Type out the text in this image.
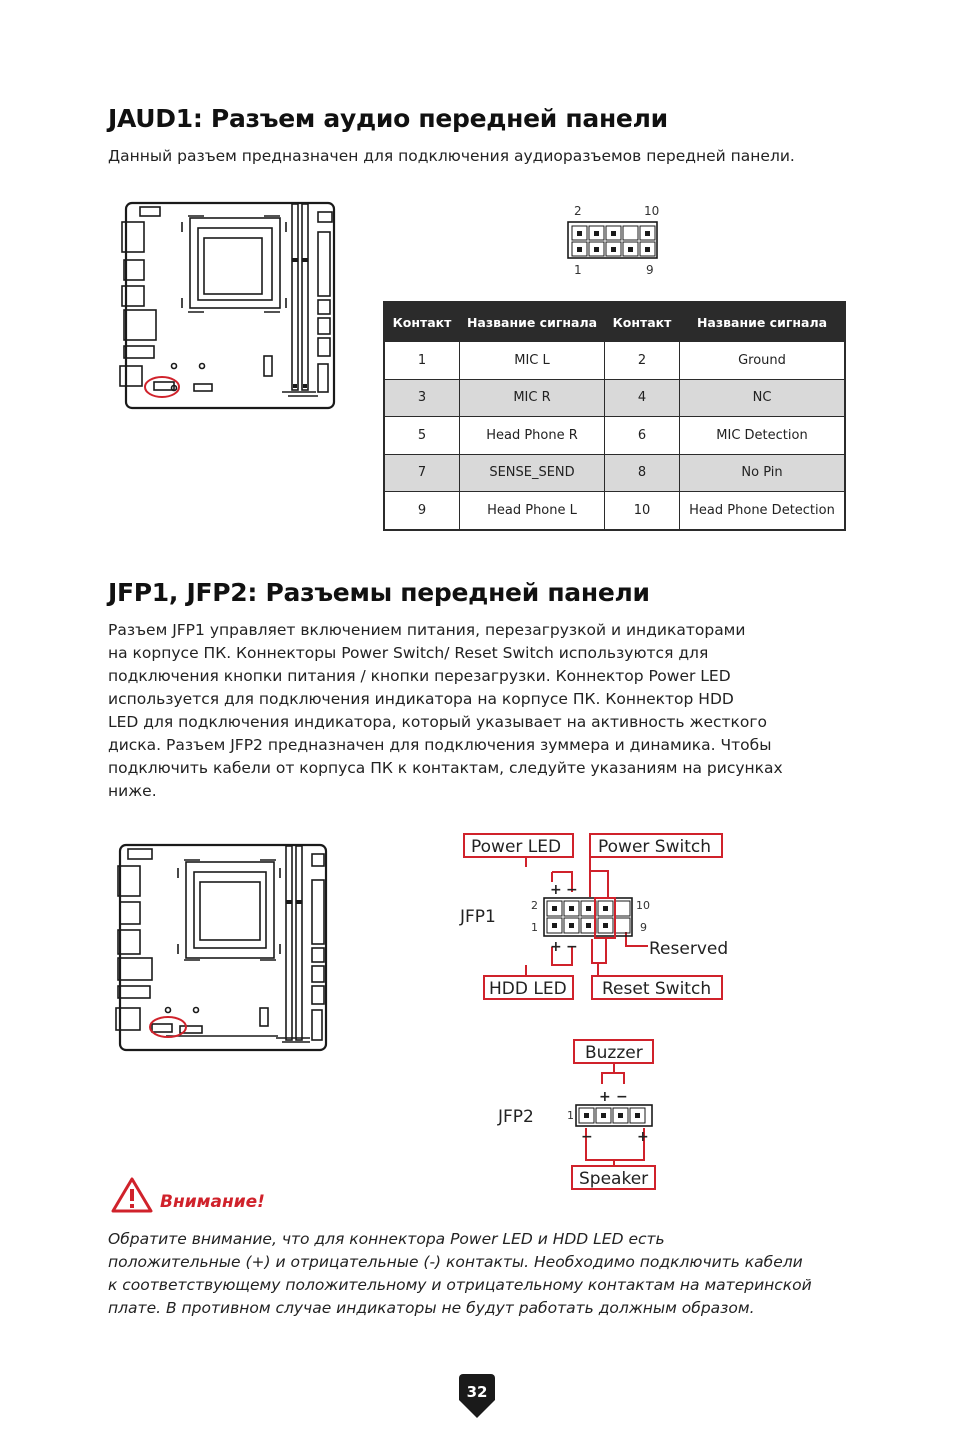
JAUD1: Разъем аудио передней панели
Данный разъем предназначен для подключения аудиоразъемов передней панели.
2	10
1	9
Контакт	Название сигнала	Контакт	Название сигнала
1	MIC L	2	Ground
3	MIC R	4	NC
5	Head Phone R	6	MIC Detection
7	SENSE_SEND	8	No Pin
9	Head Phone L	10	Head Phone Detection
JFP1, JFP2: Разъемы передней панели

Разъем JFP1 управляет включением питания, перезагрузкой и индикаторами

на корпусе ПК. Коннекторы Power Switch/ Reset Switch используются для

подключения кнопки питания / кнопки перезагрузки. Коннектор Power LED

используется для подключения индикатора на корпусе ПК. Коннектор HDD

LED для подключения индикатора, который указывает на активность жесткого

диска. Разъем JFP2 предназначен для подключения зуммера и динамика. Чтобы

подключить кабели от корпуса ПК к контактам, следуйте указаниям на рисунках

ниже.

Power LED Power Switch
+ −
JFP1
2
1
10
9
+ −	Reserved
HDD LED Reset Switch
Buzzer
+ −
JFP2	1
−	+
Speaker
Внимание!

Обратите внимание, что для коннектора Power LED и HDD LED есть

положительные (+) и отрицательные (-) контакты. Необходимо подключить кабели

к соответствующему положительному и отрицательному контактам на материнской

плате. В противном случае индикаторы не будут работать должным образом.

32
